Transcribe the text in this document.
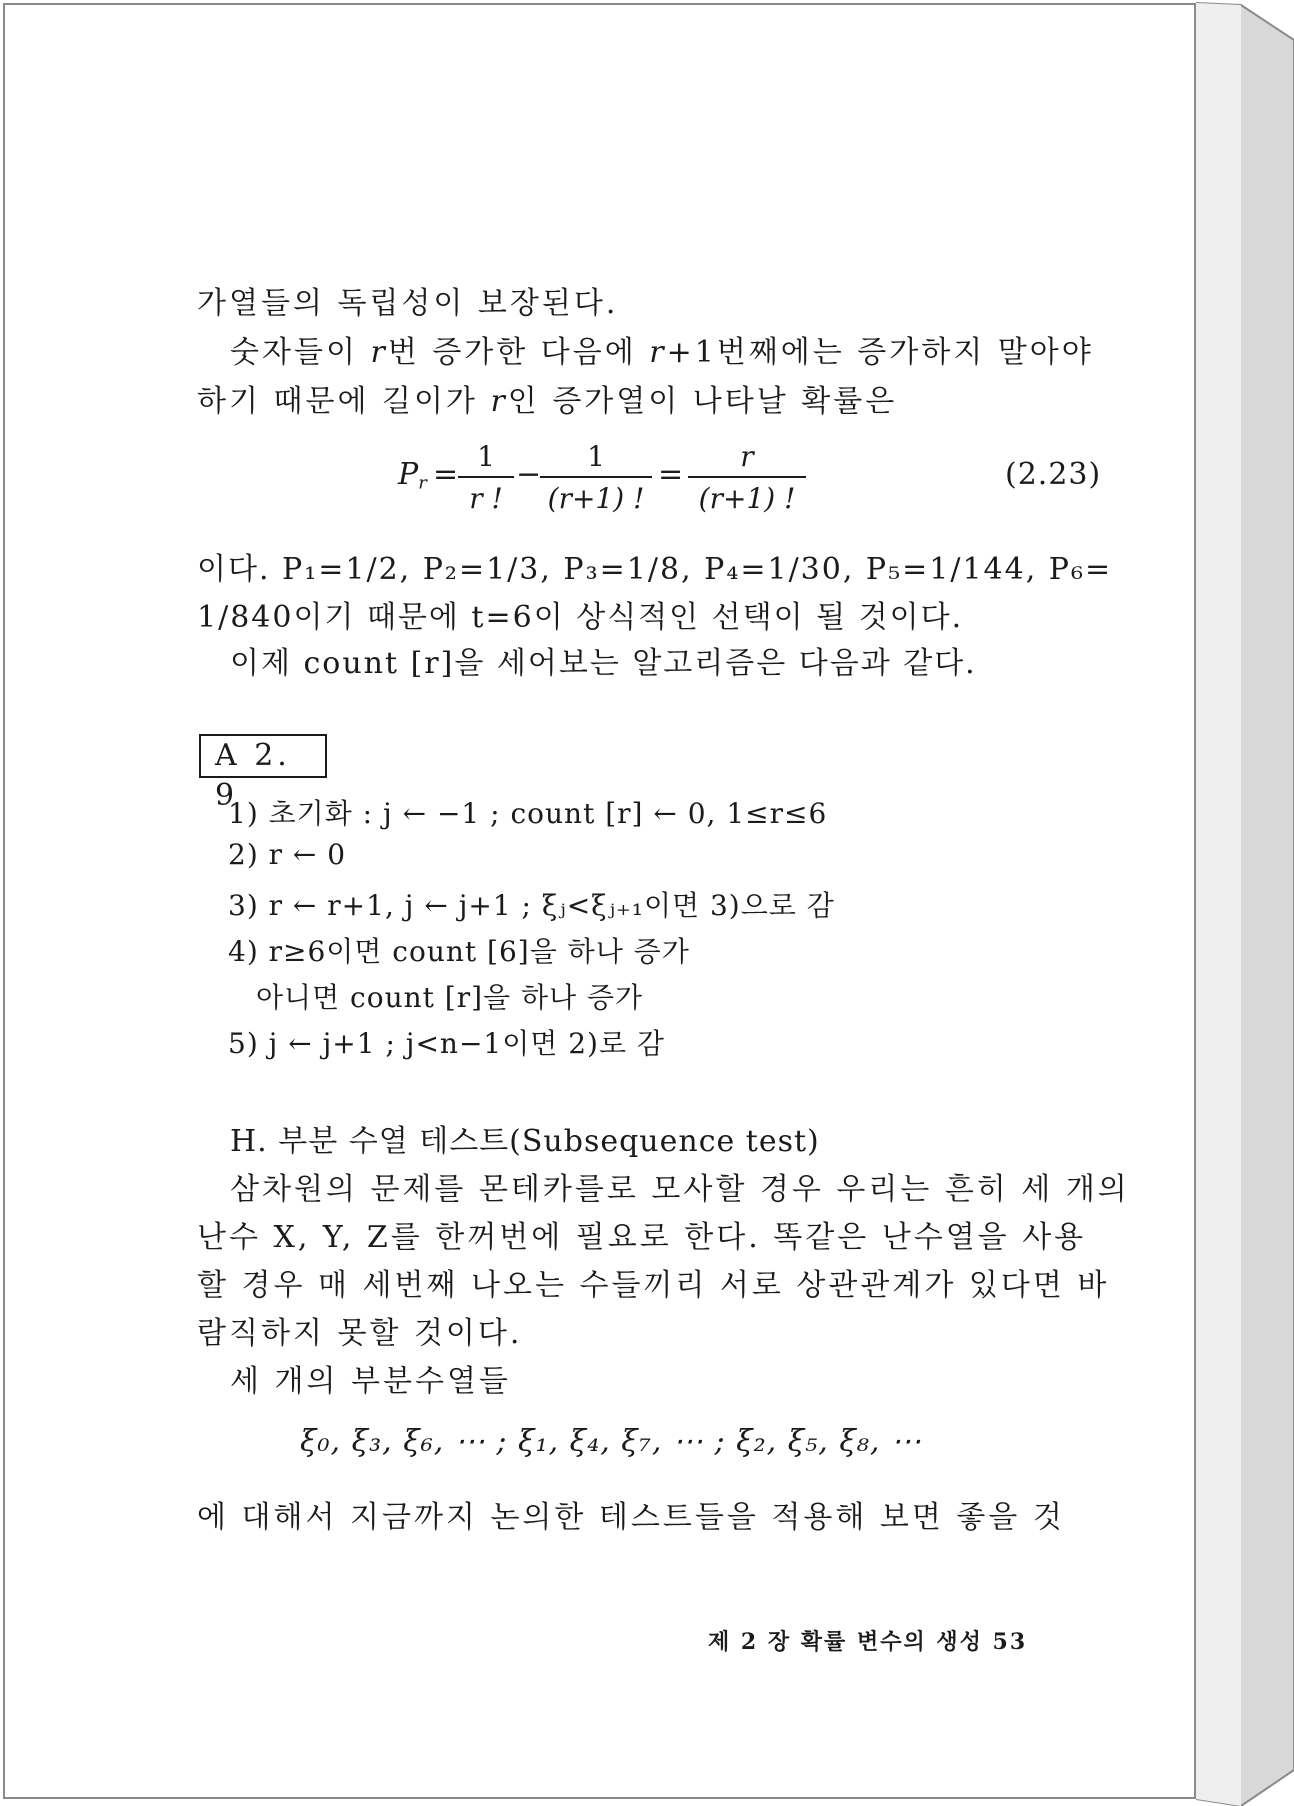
가열들의 독립성이 보장된다.
숫자들이 r번 증가한 다음에 r+1번째에는 증가하지 말아야
하기 때문에 길이가 r인 증가열이 나타날 확률은
$P_r$ =
1
r !
−
1
(r+1) !
=
r
(r+1) !
(2.23)
이다. P₁=1/2, P₂=1/3, P₃=1/8, P₄=1/30, P₅=1/144, P₆=
1/840이기 때문에 t=6이 상식적인 선택이 될 것이다.
이제 count [r]을 세어보는 알고리즘은 다음과 같다.
A 2. 9
1) 초기화 : j ← −1 ; count [r] ← 0, 1≤r≤6
2) r ← 0
3) r ← r+1, j ← j+1 ; ξⱼ<ξⱼ₊₁이면 3)으로 감
4) r≥6이면 count [6]을 하나 증가
아니면 count [r]을 하나 증가
5) j ← j+1 ; j<n−1이면 2)로 감
H. 부분 수열 테스트(Subsequence test)
삼차원의 문제를 몬테카를로 모사할 경우 우리는 흔히 세 개의
난수 X, Y, Z를 한꺼번에 필요로 한다. 똑같은 난수열을 사용
할 경우 매 세번째 나오는 수들끼리 서로 상관관계가 있다면 바
람직하지 못할 것이다.
세 개의 부분수열들
ξ₀, ξ₃, ξ₆, ⋯ ; ξ₁, ξ₄, ξ₇, ⋯ ; ξ₂, ξ₅, ξ₈, ⋯
에 대해서 지금까지 논의한 테스트들을 적용해 보면 좋을 것
제 2 장 확률 변수의 생성 53
